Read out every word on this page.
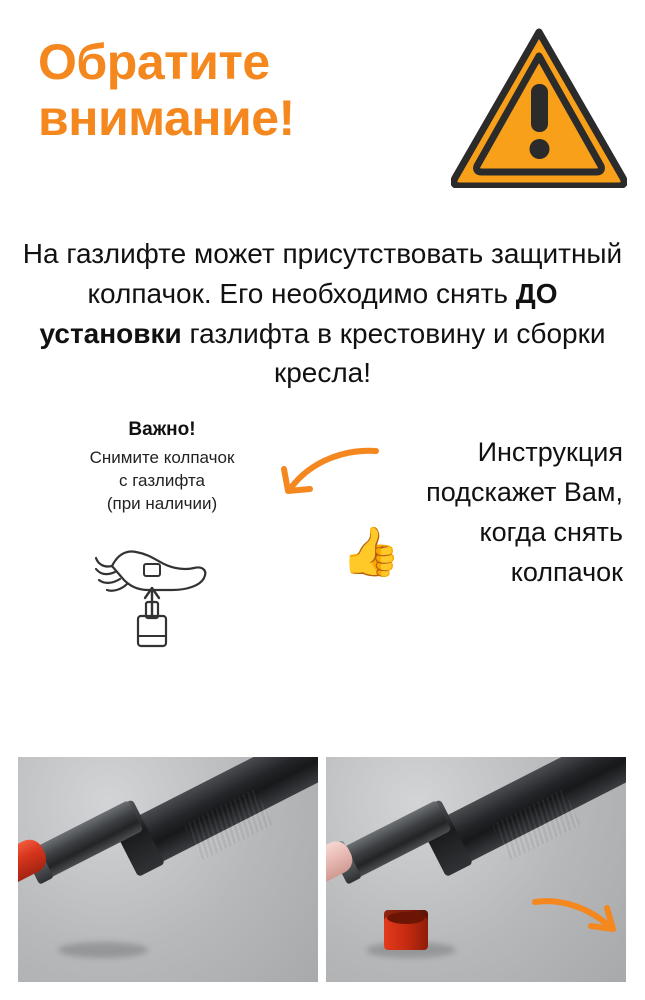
Обратите
внимание!
На газлифте может присутствовать защитный колпачок. Его необходимо снять ДО установки газлифта в крестовину и сборки кресла!
Важно!
Снимите колпачок
с газлифта
(при наличии)
Инструкция
подскажет Вам,
когда снять
колпачок
👍
